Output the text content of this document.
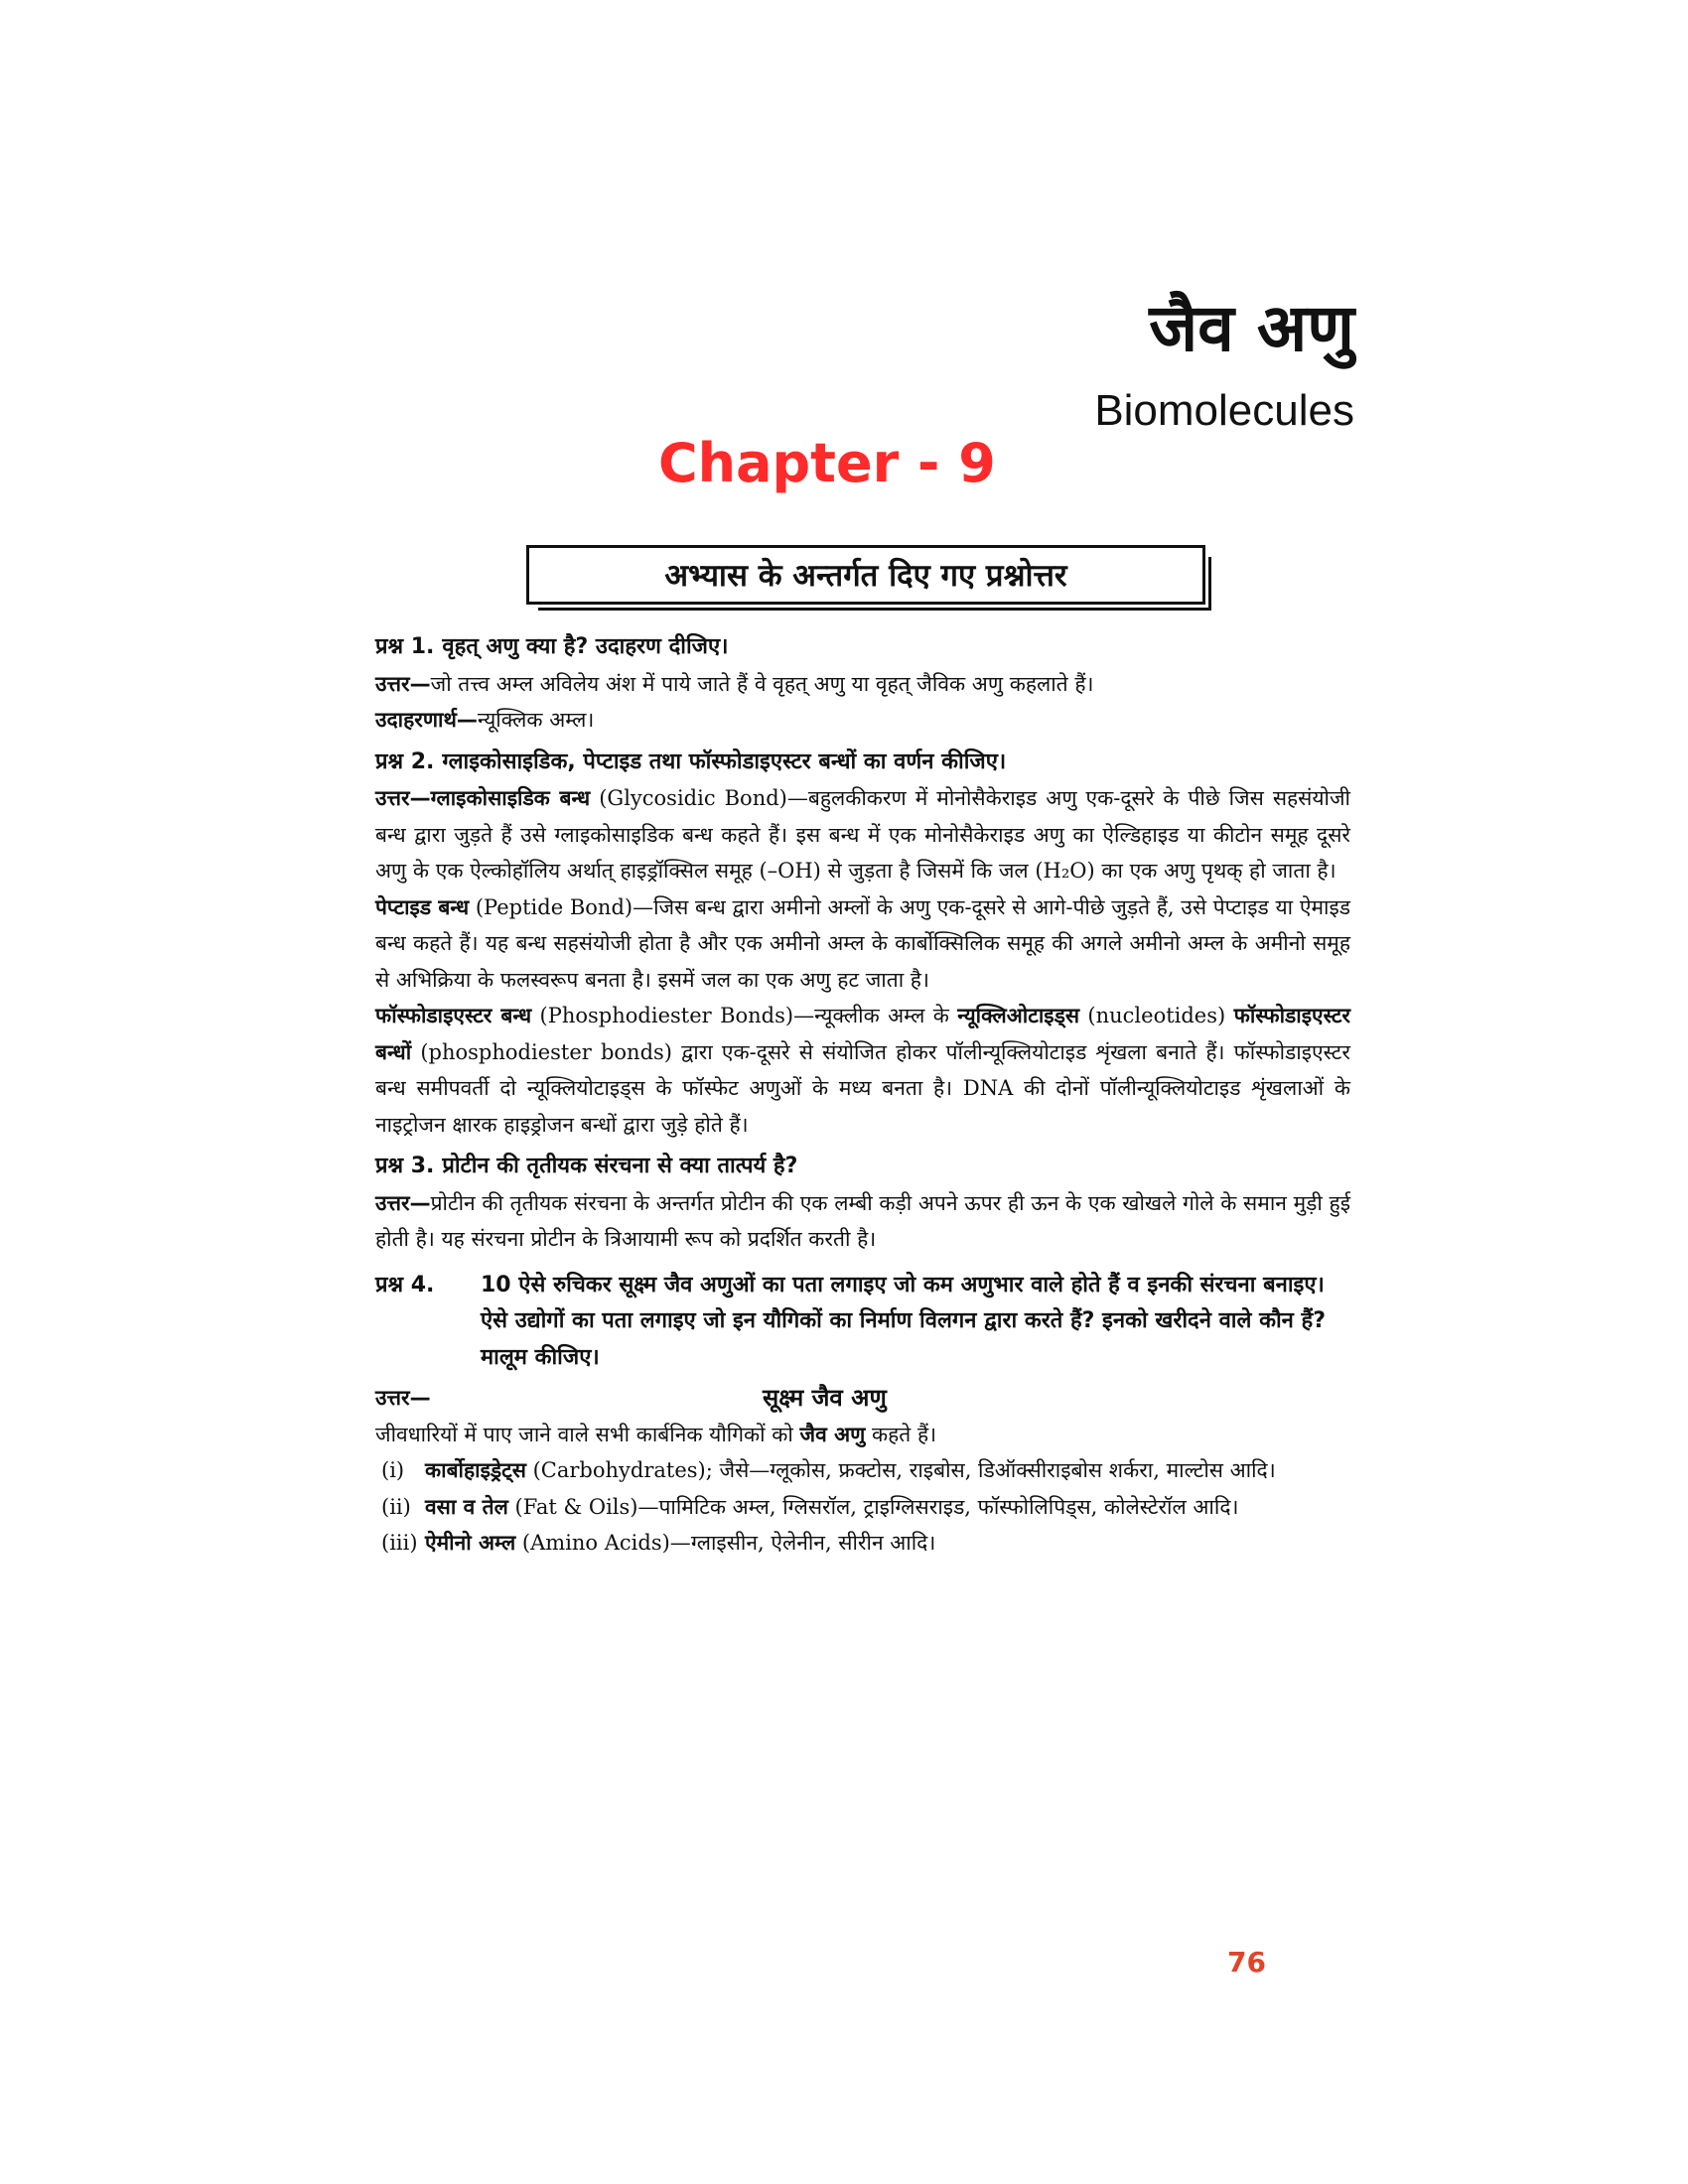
जैव अणु
Biomolecules
Chapter - 9
अभ्यास के अन्तर्गत दिए गए प्रश्नोत्तर
प्रश्न 1. वृहत् अणु क्या है? उदाहरण दीजिए।

उत्तर—जो तत्त्व अम्ल अविलेय अंश में पाये जाते हैं वे वृहत् अणु या वृहत् जैविक अणु कहलाते हैं।

उदाहरणार्थ—न्यूक्लिक अम्ल।

प्रश्न 2. ग्लाइकोसाइडिक, पेप्टाइड तथा फॉस्फोडाइएस्टर बन्धों का वर्णन कीजिए।

उत्तर—ग्लाइकोसाइडिक बन्ध (Glycosidic Bond)—बहुलकीकरण में मोनोसैकेराइड अणु एक-दूसरे के पीछे जिस सहसंयोजी बन्ध द्वारा जुड़ते हैं उसे ग्लाइकोसाइडिक बन्ध कहते हैं। इस बन्ध में एक मोनोसैकेराइड अणु का ऐल्डिहाइड या कीटोन समूह दूसरे अणु के एक ऐल्कोहॉलिय अर्थात् हाइड्रॉक्सिल समूह (–OH) से जुड़ता है जिसमें कि जल (H₂O) का एक अणु पृथक् हो जाता है।

पेप्टाइड बन्ध (Peptide Bond)—जिस बन्ध द्वारा अमीनो अम्लों के अणु एक-दूसरे से आगे-पीछे जुड़ते हैं, उसे पेप्टाइड या ऐमाइड बन्ध कहते हैं। यह बन्ध सहसंयोजी होता है और एक अमीनो अम्ल के कार्बोक्सिलिक समूह की अगले अमीनो अम्ल के अमीनो समूह से अभिक्रिया के फलस्वरूप बनता है। इसमें जल का एक अणु हट जाता है।

फॉस्फोडाइएस्टर बन्ध (Phosphodiester Bonds)—न्यूक्लीक अम्ल के न्यूक्लिओटाइड्स (nucleotides) फॉस्फोडाइएस्टर बन्धों (phosphodiester bonds) द्वारा एक-दूसरे से संयोजित होकर पॉलीन्यूक्लियोटाइड शृंखला बनाते हैं। फॉस्फोडाइएस्टर बन्ध समीपवर्ती दो न्यूक्लियोटाइड्स के फॉस्फेट अणुओं के मध्य बनता है। DNA की दोनों पॉलीन्यूक्लियोटाइड शृंखलाओं के नाइट्रोजन क्षारक हाइड्रोजन बन्धों द्वारा जुड़े होते हैं।

प्रश्न 3. प्रोटीन की तृतीयक संरचना से क्या तात्पर्य है?

उत्तर—प्रोटीन की तृतीयक संरचना के अन्तर्गत प्रोटीन की एक लम्बी कड़ी अपने ऊपर ही ऊन के एक खोखले गोले के समान मुड़ी हुई होती है। यह संरचना प्रोटीन के त्रिआयामी रूप को प्रदर्शित करती है।

प्रश्न 4.	10 ऐसे रुचिकर सूक्ष्म जैव अणुओं का पता लगाइए जो कम अणुभार वाले होते हैं व इनकी संरचना बनाइए। ऐसे उद्योगों का पता लगाइए जो इन यौगिकों का निर्माण विलगन द्वारा करते हैं? इनको खरीदने वाले कौन हैं? मालूम कीजिए।
उत्तर—	सूक्ष्म जैव अणु

जीवधारियों में पाए जाने वाले सभी कार्बनिक यौगिकों को जैव अणु कहते हैं।

(i) कार्बोहाइड्रेट्स (Carbohydrates); जैसे—ग्लूकोस, फ्रक्टोस, राइबोस, डिऑक्सीराइबोस शर्करा, माल्टोस आदि।
(ii) वसा व तेल (Fat & Oils)—पामिटिक अम्ल, ग्लिसरॉल, ट्राइग्लिसराइड, फॉस्फोलिपिड्स, कोलेस्टेरॉल आदि।
(iii) ऐमीनो अम्ल (Amino Acids)—ग्लाइसीन, ऐलेनीन, सीरीन आदि।
76
